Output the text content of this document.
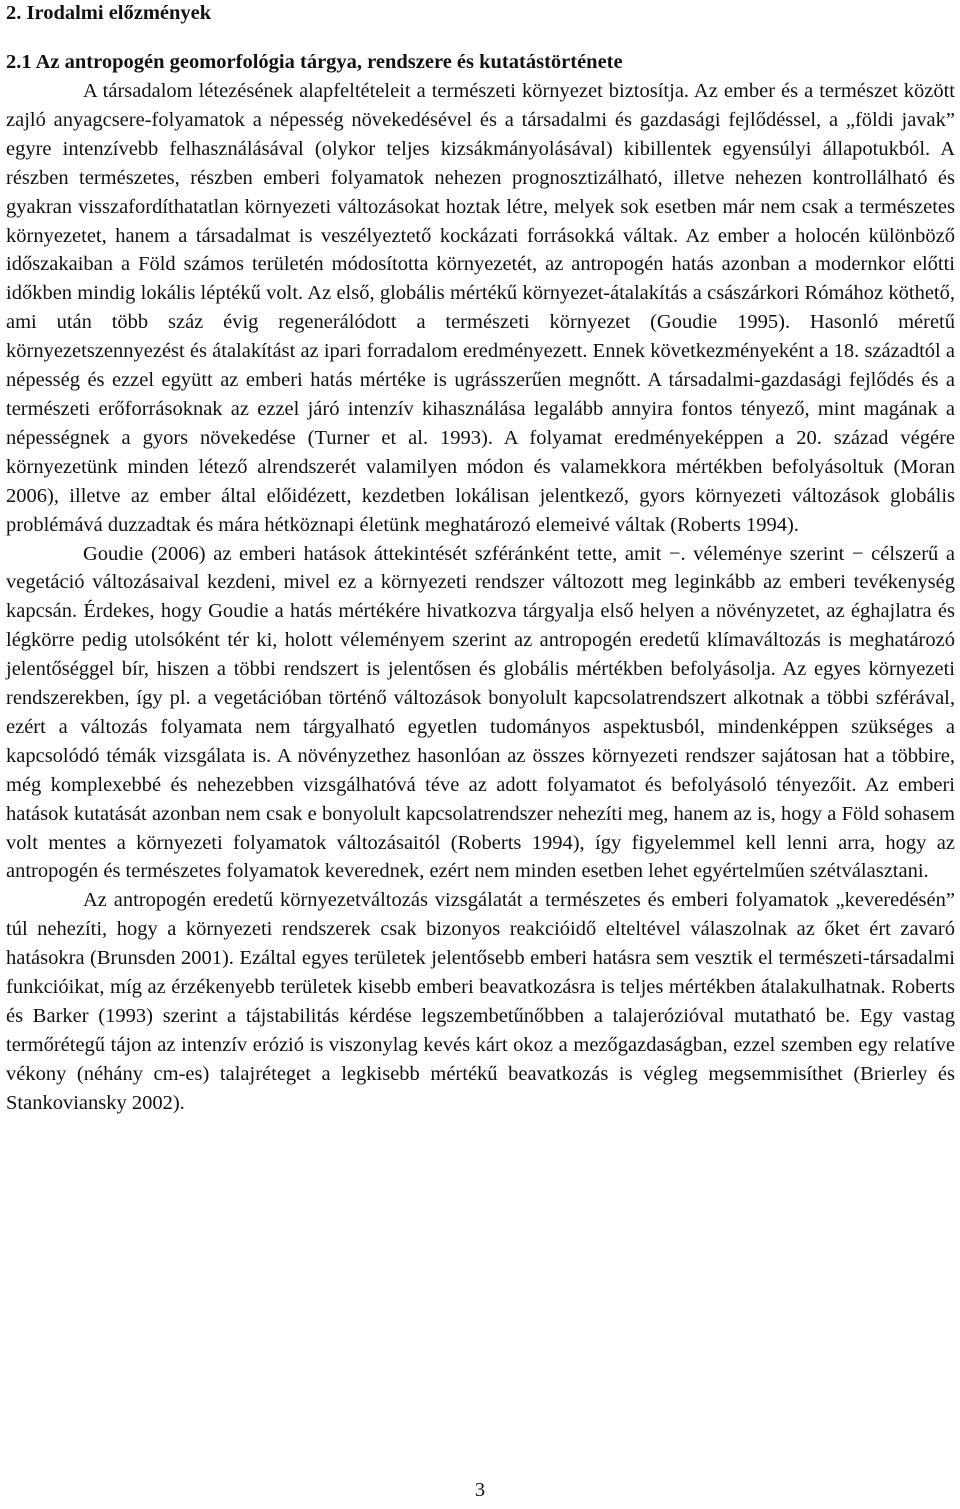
2. Irodalmi előzmények
2.1 Az antropogén geomorfológia tárgya, rendszere és kutatástörténete

A társadalom létezésének alapfeltételeit a természeti környezet biztosítja. Az ember és a természet között zajló anyagcsere-folyamatok a népesség növekedésével és a társadalmi és gazdasági fejlődéssel, a „földi javak” egyre intenzívebb felhasználásával (olykor teljes kizsákmányolásával) kibillentek egyensúlyi állapotukból. A részben természetes, részben emberi folyamatok nehezen prognosztizálható, illetve nehezen kontrollálható és gyakran visszafordíthatatlan környezeti változásokat hoztak létre, melyek sok esetben már nem csak a természetes környezetet, hanem a társadalmat is veszélyeztető kockázati forrásokká váltak. Az ember a holocén különböző időszakaiban a Föld számos területén módosította környezetét, az antropogén hatás azonban a modernkor előtti időkben mindig lokális léptékű volt. Az első, globális mértékű környezet-átalakítás a császárkori Rómához köthető, ami után több száz évig regenerálódott a természeti környezet (Goudie 1995). Hasonló méretű környezetszennyezést és átalakítást az ipari forradalom eredményezett. Ennek következményeként a 18. századtól a népesség és ezzel együtt az emberi hatás mértéke is ugrásszerűen megnőtt. A társadalmi-gazdasági fejlődés és a természeti erőforrásoknak az ezzel járó intenzív kihasználása legalább annyira fontos tényező, mint magának a népességnek a gyors növekedése (Turner et al. 1993). A folyamat eredményeképpen a 20. század végére környezetünk minden létező alrendszerét valamilyen módon és valamekkora mértékben befolyásoltuk (Moran 2006), illetve az ember által előidézett, kezdetben lokálisan jelentkező, gyors környezeti változások globális problémává duzzadtak és mára hétköznapi életünk meghatározó elemeivé váltak (Roberts 1994).

Goudie (2006) az emberi hatások áttekintését szféránként tette, amit −. véleménye szerint − célszerű a vegetáció változásaival kezdeni, mivel ez a környezeti rendszer változott meg leginkább az emberi tevékenység kapcsán. Érdekes, hogy Goudie a hatás mértékére hivatkozva tárgyalja első helyen a növényzetet, az éghajlatra és légkörre pedig utolsóként tér ki, holott véleményem szerint az antropogén eredetű klímaváltozás is meghatározó jelentőséggel bír, hiszen a többi rendszert is jelentősen és globális mértékben befolyásolja. Az egyes környezeti rendszerekben, így pl. a vegetációban történő változások bonyolult kapcsolatrendszert alkotnak a többi szférával, ezért a változás folyamata nem tárgyalható egyetlen tudományos aspektusból, mindenképpen szükséges a kapcsolódó témák vizsgálata is. A növényzethez hasonlóan az összes környezeti rendszer sajátosan hat a többire, még komplexebbé és nehezebben vizsgálhatóvá téve az adott folyamatot és befolyásoló tényezőit. Az emberi hatások kutatását azonban nem csak e bonyolult kapcsolatrendszer nehezíti meg, hanem az is, hogy a Föld sohasem volt mentes a környezeti folyamatok változásaitól (Roberts 1994), így figyelemmel kell lenni arra, hogy az antropogén és természetes folyamatok keverednek, ezért nem minden esetben lehet egyértelműen szétválasztani.

Az antropogén eredetű környezetváltozás vizsgálatát a természetes és emberi folyamatok „keveredésén” túl nehezíti, hogy a környezeti rendszerek csak bizonyos reakcióidő elteltével válaszolnak az őket ért zavaró hatásokra (Brunsden 2001). Ezáltal egyes területek jelentősebb emberi hatásra sem vesztik el természeti-társadalmi funkcióikat, míg az érzékenyebb területek kisebb emberi beavatkozásra is teljes mértékben átalakulhatnak. Roberts és Barker (1993) szerint a tájstabilitás kérdése legszembetűnőbben a talajerózióval mutatható be. Egy vastag termőrétegű tájon az intenzív erózió is viszonylag kevés kárt okoz a mezőgazdaságban, ezzel szemben egy relatíve vékony (néhány cm-es) talajréteget a legkisebb mértékű beavatkozás is végleg megsemmisíthet (Brierley és Stankoviansky 2002).

3
